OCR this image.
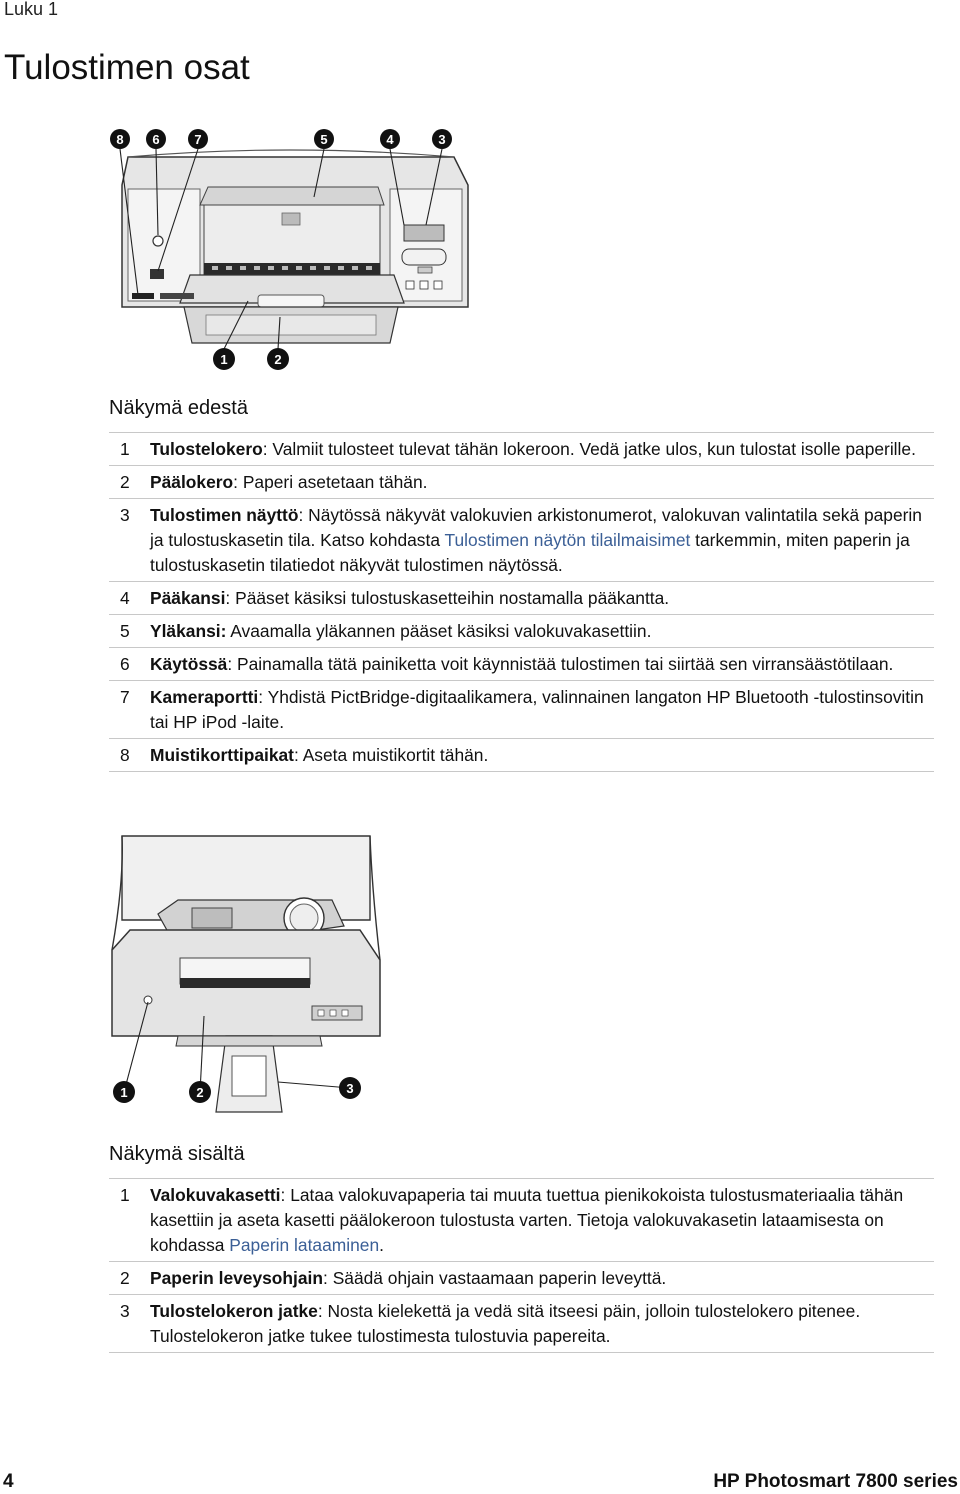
Luku 1
Tulostimen osat
8 6	7	5	4	3
1	2
Näkymä edestä
1	Tulostelokero: Valmiit tulosteet tulevat tähän lokeroon. Vedä jatke ulos, kun tulostat isolle paperille.
2	Päälokero: Paperi asetetaan tähän.
3	Tulostimen näyttö: Näytössä näkyvät valokuvien arkistonumerot, valokuvan valintatila sekä paperin ja tulostuskasetin tila. Katso kohdasta Tulostimen näytön tilailmaisimet tarkemmin, miten paperin ja tulostuskasetin tilatiedot näkyvät tulostimen näytössä.
4	Pääkansi: Pääset käsiksi tulostuskasetteihin nostamalla pääkantta.
5	Yläkansi: Avaamalla yläkannen pääset käsiksi valokuvakasettiin.
6	Käytössä: Painamalla tätä painiketta voit käynnistää tulostimen tai siirtää sen virransäästötilaan.
7	Kameraportti: Yhdistä PictBridge-digitaalikamera, valinnainen langaton HP Bluetooth -tulostinsovitin tai HP iPod -laite.
8	Muistikorttipaikat: Aseta muistikortit tähän.
1	2	3
Näkymä sisältä
1	Valokuvakasetti: Lataa valokuvapaperia tai muuta tuettua pienikokoista tulostusmateriaalia tähän kasettiin ja aseta kasetti päälokeroon tulostusta varten. Tietoja valokuvakasetin lataamisesta on kohdassa Paperin lataaminen.
2	Paperin leveysohjain: Säädä ohjain vastaamaan paperin leveyttä.
3	Tulostelokeron jatke: Nosta kielekettä ja vedä sitä itseesi päin, jolloin tulostelokero pitenee. Tulostelokeron jatke tukee tulostimesta tulostuvia papereita.
4	HP Photosmart 7800 series
